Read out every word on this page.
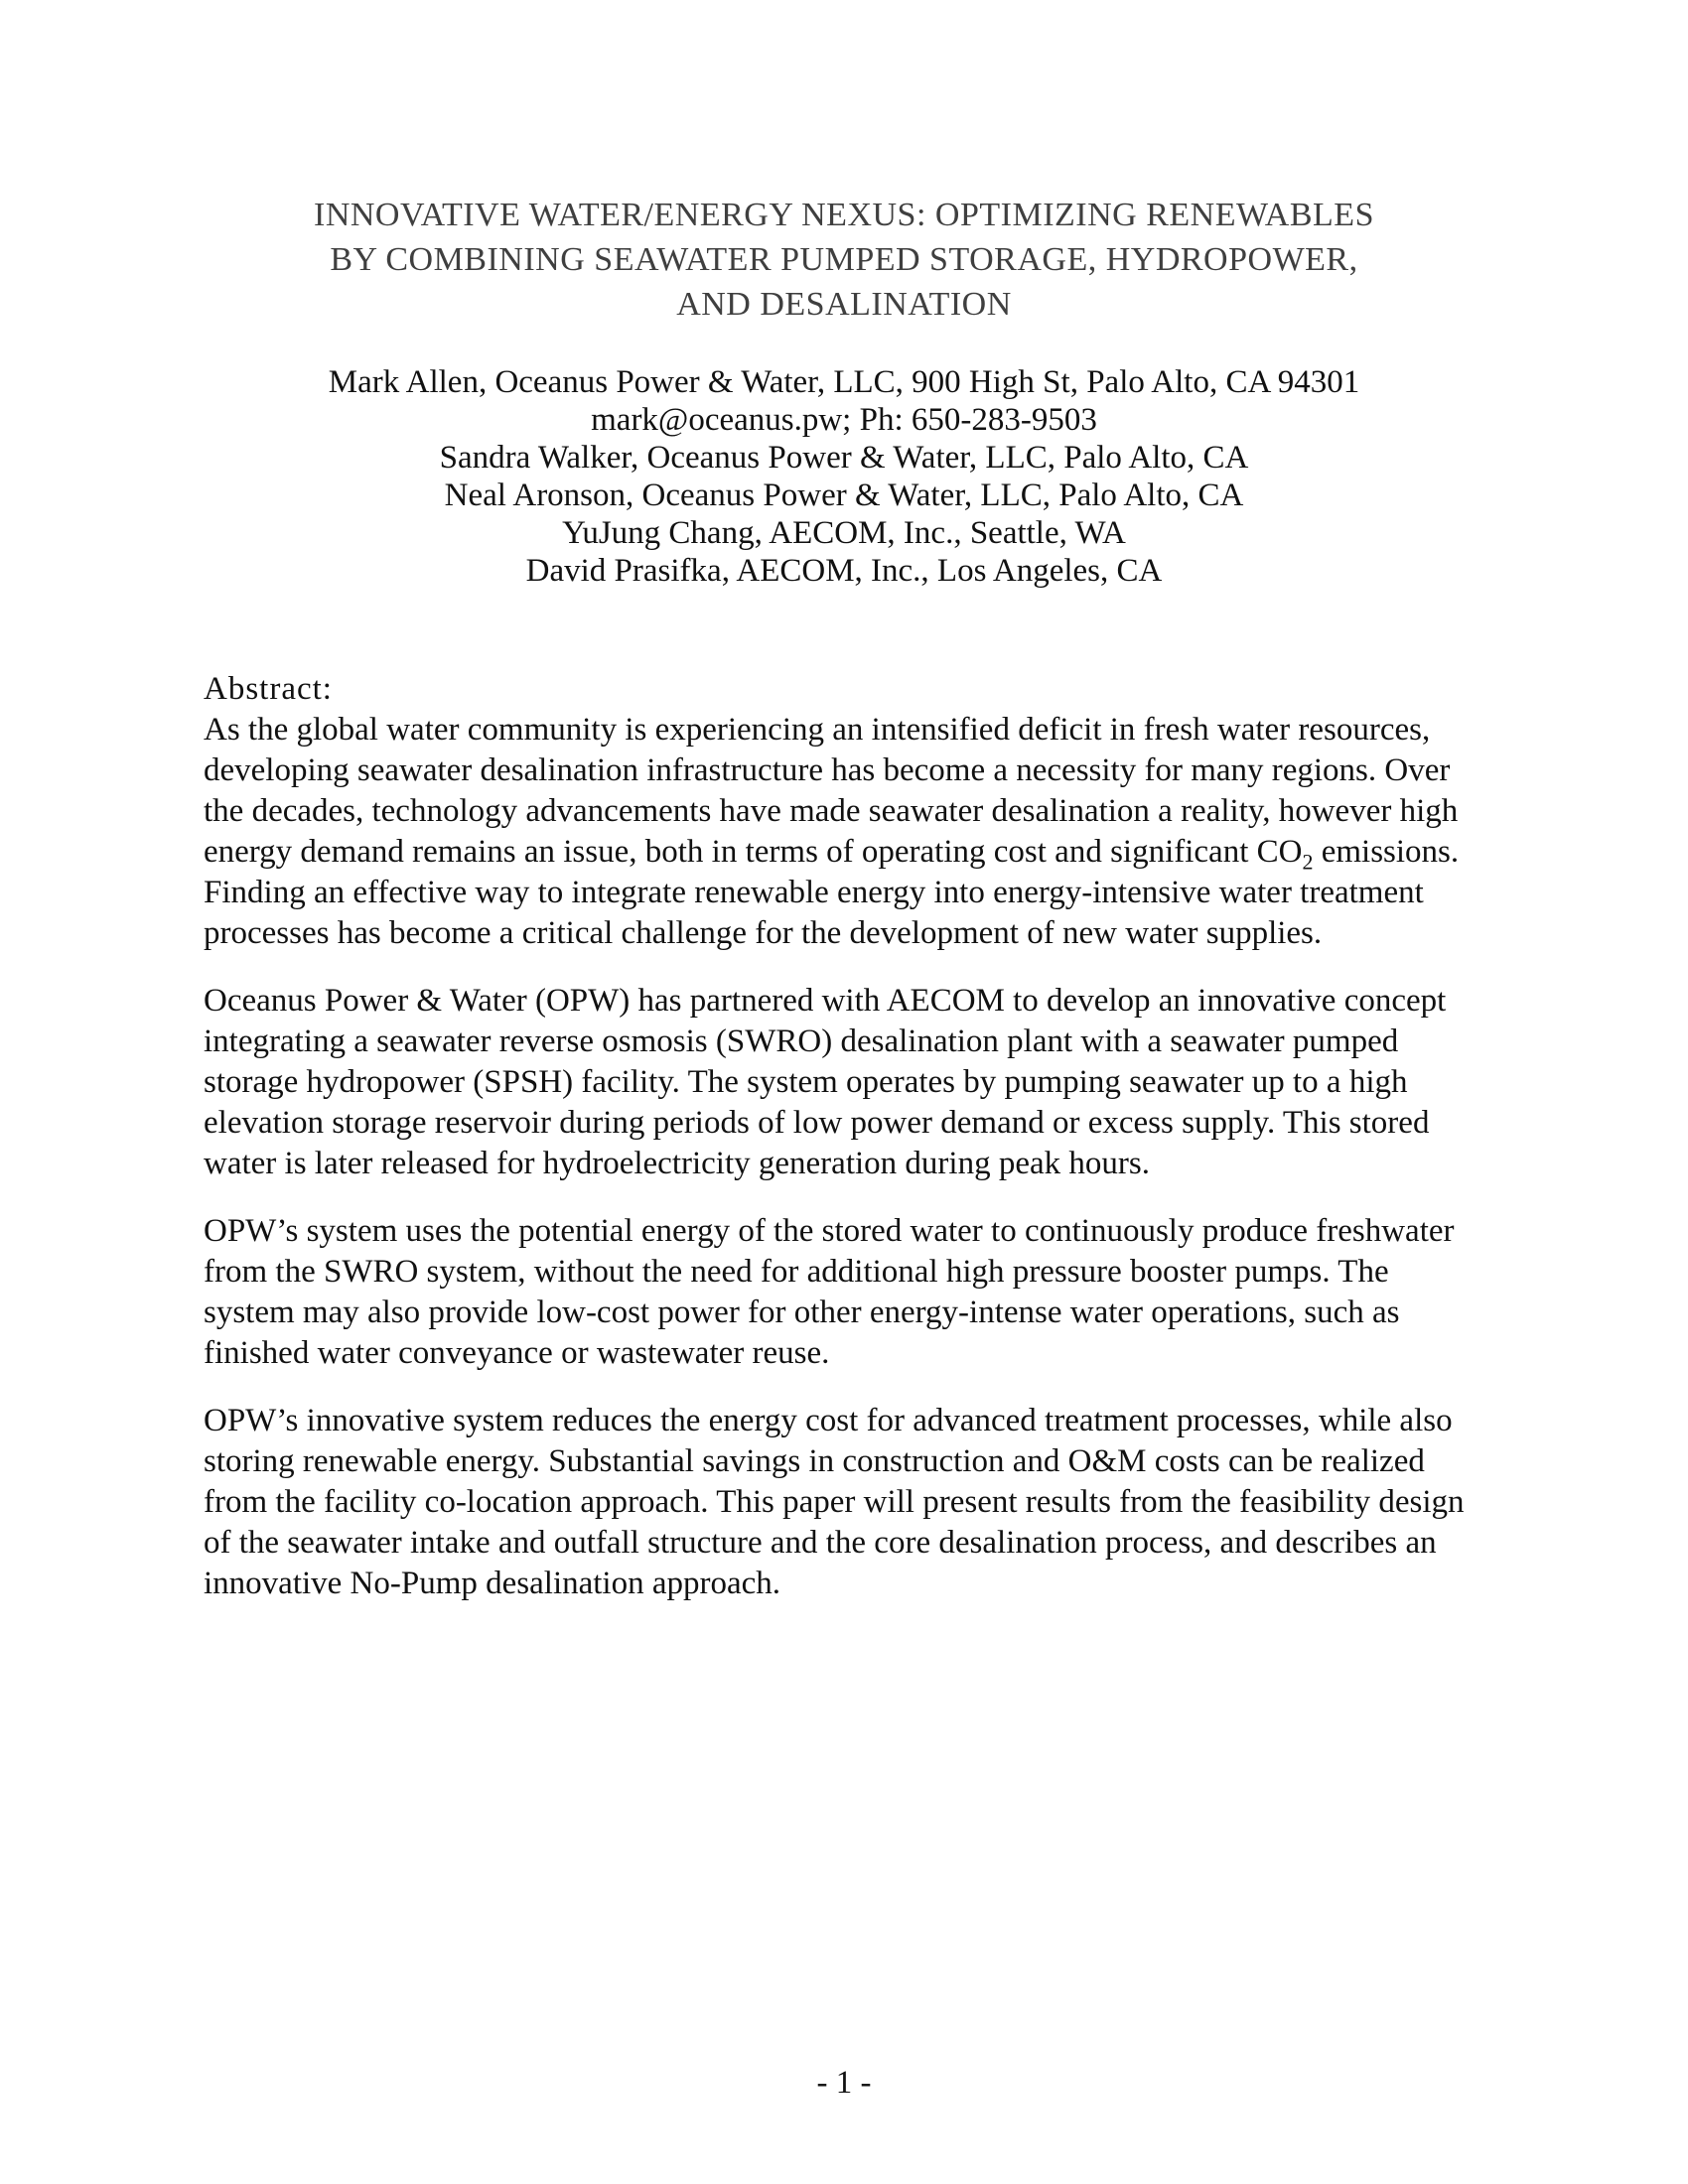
INNOVATIVE WATER/ENERGY NEXUS: OPTIMIZING RENEWABLES
BY COMBINING SEAWATER PUMPED STORAGE, HYDROPOWER,
AND DESALINATION
Mark Allen, Oceanus Power & Water, LLC, 900 High St, Palo Alto, CA 94301
mark@oceanus.pw; Ph: 650-283-9503
Sandra Walker, Oceanus Power & Water, LLC, Palo Alto, CA
Neal Aronson, Oceanus Power & Water, LLC, Palo Alto, CA
YuJung Chang, AECOM, Inc., Seattle, WA
David Prasifka, AECOM, Inc., Los Angeles, CA
Abstract:

As the global water community is experiencing an intensified deficit in fresh water resources, developing seawater desalination infrastructure has become a necessity for many regions. Over the decades, technology advancements have made seawater desalination a reality, however high energy demand remains an issue, both in terms of operating cost and significant $CO_2$ emissions. Finding an effective way to integrate renewable energy into energy-intensive water treatment processes has become a critical challenge for the development of new water supplies.

Oceanus Power & Water (OPW) has partnered with AECOM to develop an innovative concept integrating a seawater reverse osmosis (SWRO) desalination plant with a seawater pumped storage hydropower (SPSH) facility. The system operates by pumping seawater up to a high elevation storage reservoir during periods of low power demand or excess supply. This stored water is later released for hydroelectricity generation during peak hours.

OPW’s system uses the potential energy of the stored water to continuously produce freshwater from the SWRO system, without the need for additional high pressure booster pumps. The system may also provide low-cost power for other energy-intense water operations, such as finished water conveyance or wastewater reuse.

OPW’s innovative system reduces the energy cost for advanced treatment processes, while also storing renewable energy. Substantial savings in construction and O&M costs can be realized from the facility co-location approach. This paper will present results from the feasibility design of the seawater intake and outfall structure and the core desalination process, and describes an innovative No-Pump desalination approach.

- 1 -
